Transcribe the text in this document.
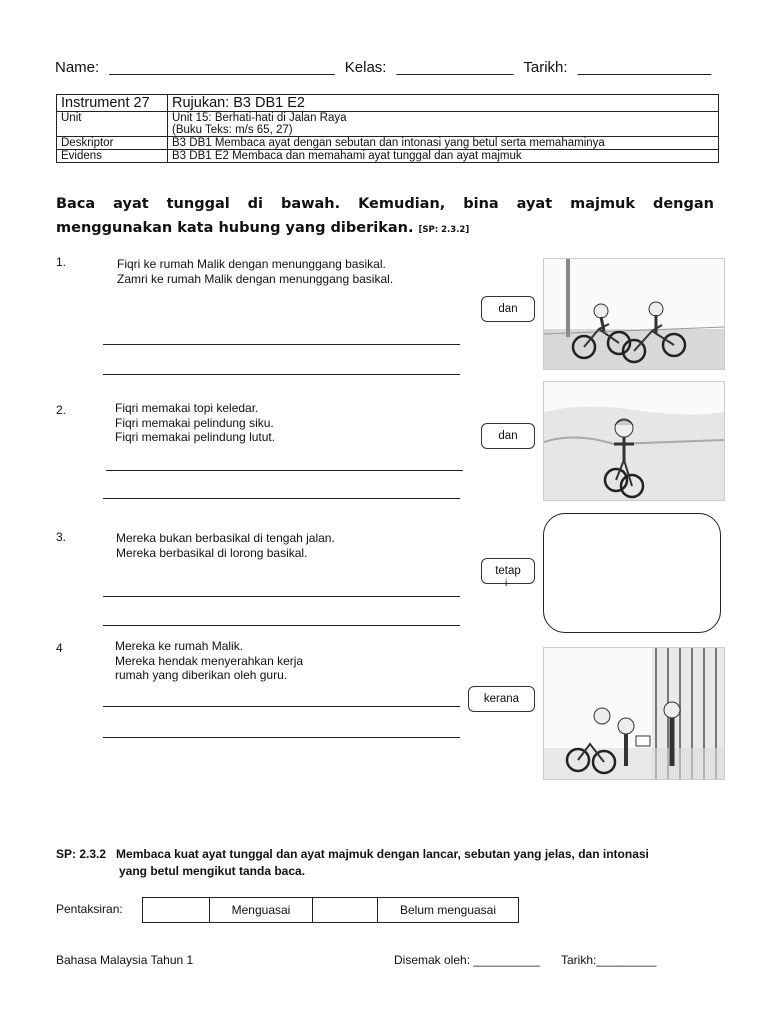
Name: ___________________________ Kelas: ______________ Tarikh: ________________
Instrument 27	Rujukan: B3 DB1 E2
Unit	Unit 15: Berhati-hati di Jalan Raya
(Buku Teks: m/s 65, 27)

Deskriptor	B3 DB1 Membaca ayat dengan sebutan dan intonasi yang betul serta memahaminya
Evidens	B3 DB1 E2 Membaca dan memahami ayat tunggal dan ayat majmuk
Baca ayat tunggal di bawah. Kemudian, bina ayat majmuk dengan menggunakan kata hubung yang diberikan. [SP: 2.3.2]
1.	Fiqri ke rumah Malik dengan menunggang basikal.
Zamri ke rumah Malik dengan menunggang basikal.
dan
2.	Fiqri memakai topi keledar.
Fiqri memakai pelindung siku.
Fiqri memakai pelindung lutut.	dan
3.	Mereka bukan berbasikal di tengah jalan.
Mereka berbasikal di lorong basikal.
tetap
i
4	Mereka ke rumah Malik.
Mereka hendak menyerahkan kerja
rumah yang diberikan oleh guru.
kerana
SP: 2.3.2 Membaca kuat ayat tunggal dan ayat majmuk dengan lancar, sebutan yang jelas, dan intonasi
yang betul mengikut tanda baca.
Pentaksiran:
		Menguasai		Belum menguasai
Bahasa Malaysia Tahun 1	Disemak oleh: __________ Tarikh:_________
